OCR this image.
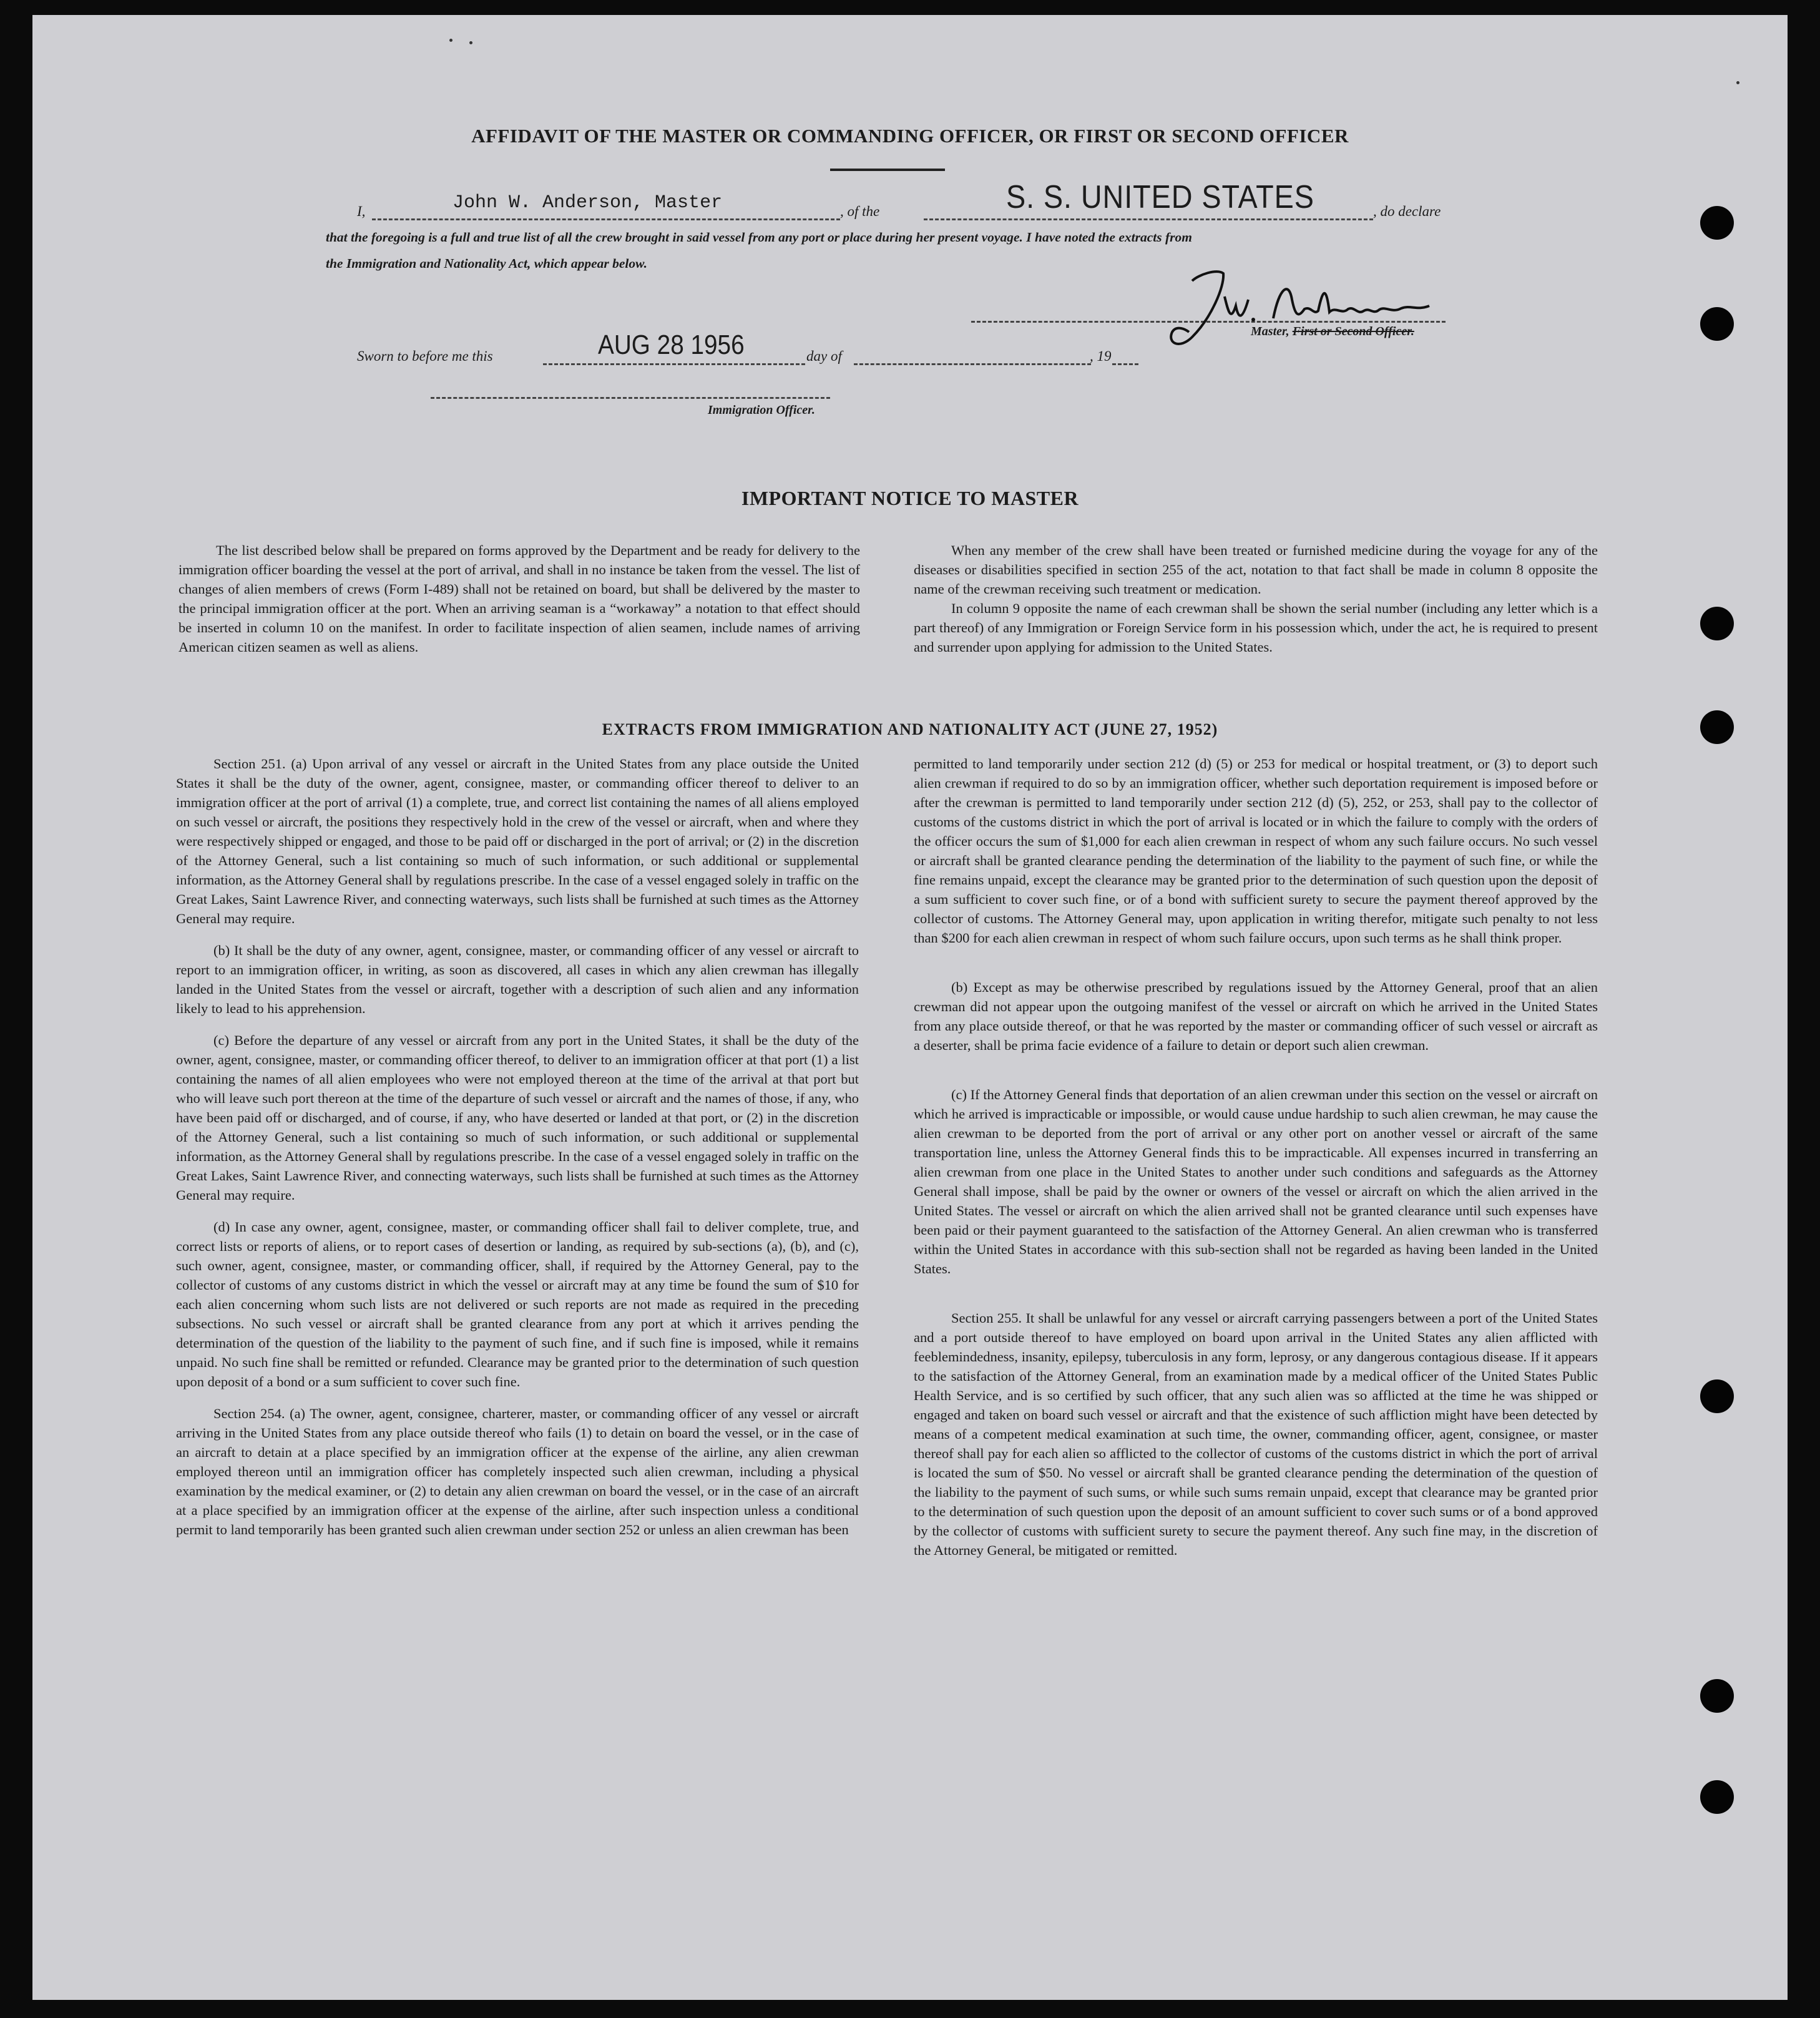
AFFIDAVIT OF THE MASTER OR COMMANDING OFFICER, OR FIRST OR SECOND OFFICER
I,	John W. Anderson, Master	, of the	S. S. UNITED STATES	, do declare
that the foregoing is a full and true list of all the crew brought in said vessel from any port or place during her present voyage. I have noted the extracts from
the Immigration and Nationality Act, which appear below.
Master, First or Second Officer.
Sworn to before me this	AUG 28 1956	day of	, 19
Immigration Officer.
IMPORTANT NOTICE TO MASTER

The list described below shall be prepared on forms approved by the Department and be ready for delivery to the immigration officer boarding the vessel at the port of arrival, and shall in no instance be taken from the vessel. The list of changes of alien members of crews (Form I-489) shall not be retained on board, but shall be delivered by the master to the principal immigration officer at the port. When an arriving seaman is a “workaway” a notation to that effect should be inserted in column 10 on the manifest. In order to facilitate inspection of alien seamen, include names of arriving American citizen seamen as well as aliens.

When any member of the crew shall have been treated or furnished medicine during the voyage for any of the diseases or disabilities specified in section 255 of the act, notation to that fact shall be made in column 8 opposite the name of the crewman receiving such treatment or medication.

In column 9 opposite the name of each crewman shall be shown the serial number (including any letter which is a part thereof) of any Immigration or Foreign Service form in his possession which, under the act, he is required to present and surrender upon applying for admission to the United States.

EXTRACTS FROM IMMIGRATION AND NATIONALITY ACT (JUNE 27, 1952)

Section 251. (a) Upon arrival of any vessel or aircraft in the United States from any place outside the United States it shall be the duty of the owner, agent, consignee, master, or commanding officer thereof to deliver to an immigration officer at the port of arrival (1) a complete, true, and correct list containing the names of all aliens employed on such vessel or aircraft, the positions they respectively hold in the crew of the vessel or aircraft, when and where they were respectively shipped or engaged, and those to be paid off or discharged in the port of arrival; or (2) in the discretion of the Attorney General, such a list containing so much of such information, or such additional or supplemental information, as the Attorney General shall by regulations prescribe. In the case of a vessel engaged solely in traffic on the Great Lakes, Saint Lawrence River, and connecting waterways, such lists shall be furnished at such times as the Attorney General may require.

(b) It shall be the duty of any owner, agent, consignee, master, or commanding officer of any vessel or aircraft to report to an immigration officer, in writing, as soon as discovered, all cases in which any alien crewman has illegally landed in the United States from the vessel or aircraft, together with a description of such alien and any information likely to lead to his apprehension.

(c) Before the departure of any vessel or aircraft from any port in the United States, it shall be the duty of the owner, agent, consignee, master, or commanding officer thereof, to deliver to an immigration officer at that port (1) a list containing the names of all alien employees who were not employed thereon at the time of the arrival at that port but who will leave such port thereon at the time of the departure of such vessel or aircraft and the names of those, if any, who have been paid off or discharged, and of course, if any, who have deserted or landed at that port, or (2) in the discretion of the Attorney General, such a list containing so much of such information, or such additional or supplemental information, as the Attorney General shall by regulations prescribe. In the case of a vessel engaged solely in traffic on the Great Lakes, Saint Lawrence River, and connecting waterways, such lists shall be furnished at such times as the Attorney General may require.

(d) In case any owner, agent, consignee, master, or commanding officer shall fail to deliver complete, true, and correct lists or reports of aliens, or to report cases of desertion or landing, as required by sub-sections (a), (b), and (c), such owner, agent, consignee, master, or commanding officer, shall, if required by the Attorney General, pay to the collector of customs of any customs district in which the vessel or aircraft may at any time be found the sum of $10 for each alien concerning whom such lists are not delivered or such reports are not made as required in the preceding subsections. No such vessel or aircraft shall be granted clearance from any port at which it arrives pending the determination of the question of the liability to the payment of such fine, and if such fine is imposed, while it remains unpaid. No such fine shall be remitted or refunded. Clearance may be granted prior to the determination of such question upon deposit of a bond or a sum sufficient to cover such fine.

Section 254. (a) The owner, agent, consignee, charterer, master, or commanding officer of any vessel or aircraft arriving in the United States from any place outside thereof who fails (1) to detain on board the vessel, or in the case of an aircraft to detain at a place specified by an immigration officer at the expense of the airline, any alien crewman employed thereon until an immigration officer has completely inspected such alien crewman, including a physical examination by the medical examiner, or (2) to detain any alien crewman on board the vessel, or in the case of an aircraft at a place specified by an immigration officer at the expense of the airline, after such inspection unless a conditional permit to land temporarily has been granted such alien crewman under section 252 or unless an alien crewman has been

permitted to land temporarily under section 212 (d) (5) or 253 for medical or hospital treatment, or (3) to deport such alien crewman if required to do so by an immigration officer, whether such deportation requirement is imposed before or after the crewman is permitted to land temporarily under section 212 (d) (5), 252, or 253, shall pay to the collector of customs of the customs district in which the port of arrival is located or in which the failure to comply with the orders of the officer occurs the sum of $1,000 for each alien crewman in respect of whom any such failure occurs. No such vessel or aircraft shall be granted clearance pending the determination of the liability to the payment of such fine, or while the fine remains unpaid, except the clearance may be granted prior to the determination of such question upon the deposit of a sum sufficient to cover such fine, or of a bond with sufficient surety to secure the payment thereof approved by the collector of customs. The Attorney General may, upon application in writing therefor, mitigate such penalty to not less than $200 for each alien crewman in respect of whom such failure occurs, upon such terms as he shall think proper.

(b) Except as may be otherwise prescribed by regulations issued by the Attorney General, proof that an alien crewman did not appear upon the outgoing manifest of the vessel or aircraft on which he arrived in the United States from any place outside thereof, or that he was reported by the master or commanding officer of such vessel or aircraft as a deserter, shall be prima facie evidence of a failure to detain or deport such alien crewman.

(c) If the Attorney General finds that deportation of an alien crewman under this section on the vessel or aircraft on which he arrived is impracticable or impossible, or would cause undue hardship to such alien crewman, he may cause the alien crewman to be deported from the port of arrival or any other port on another vessel or aircraft of the same transportation line, unless the Attorney General finds this to be impracticable. All expenses incurred in transferring an alien crewman from one place in the United States to another under such conditions and safeguards as the Attorney General shall impose, shall be paid by the owner or owners of the vessel or aircraft on which the alien arrived in the United States. The vessel or aircraft on which the alien arrived shall not be granted clearance until such expenses have been paid or their payment guaranteed to the satisfaction of the Attorney General. An alien crewman who is transferred within the United States in accordance with this sub-section shall not be regarded as having been landed in the United States.

Section 255. It shall be unlawful for any vessel or aircraft carrying passengers between a port of the United States and a port outside thereof to have employed on board upon arrival in the United States any alien afflicted with feeblemindedness, insanity, epilepsy, tuberculosis in any form, leprosy, or any dangerous contagious disease. If it appears to the satisfaction of the Attorney General, from an examination made by a medical officer of the United States Public Health Service, and is so certified by such officer, that any such alien was so afflicted at the time he was shipped or engaged and taken on board such vessel or aircraft and that the existence of such affliction might have been detected by means of a competent medical examination at such time, the owner, commanding officer, agent, consignee, or master thereof shall pay for each alien so afflicted to the collector of customs of the customs district in which the port of arrival is located the sum of $50. No vessel or aircraft shall be granted clearance pending the determination of the question of the liability to the payment of such sums, or while such sums remain unpaid, except that clearance may be granted prior to the determination of such question upon the deposit of an amount sufficient to cover such sums or of a bond approved by the collector of customs with sufficient surety to secure the payment thereof. Any such fine may, in the discretion of the Attorney General, be mitigated or remitted.
